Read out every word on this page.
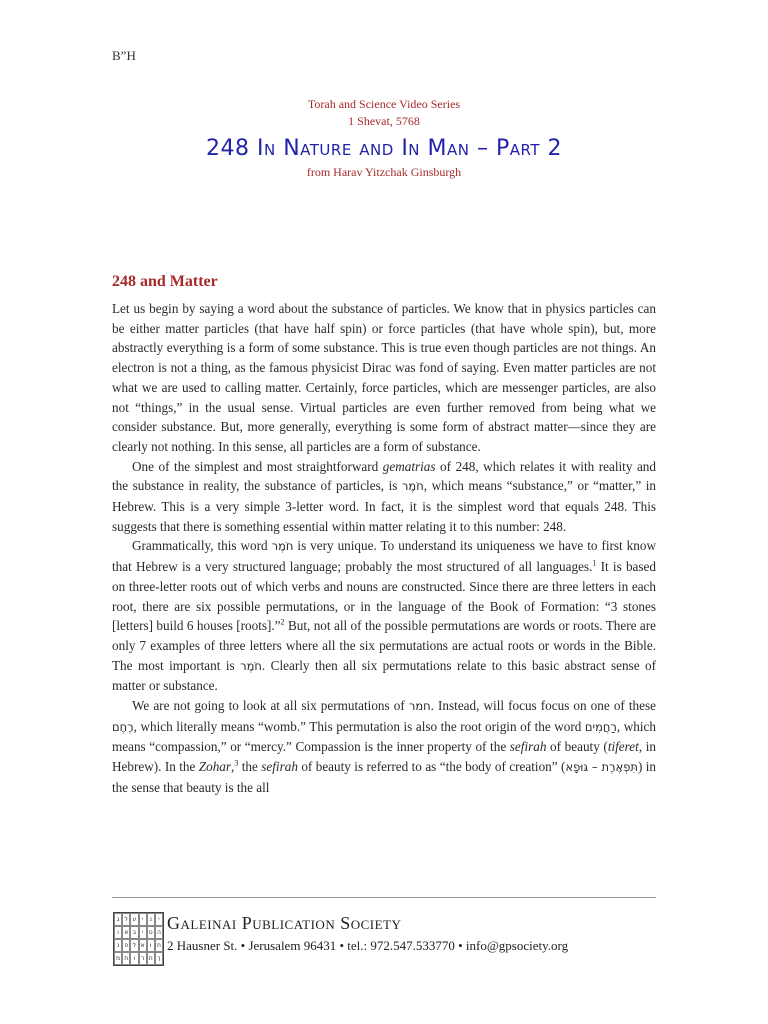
B”H
Torah and Science Video Series
1 Shevat, 5768
248 In Nature and In Man – Part 2
from Harav Yitzchak Ginsburgh
248 and Matter

Let us begin by saying a word about the substance of particles. We know that in physics particles can be either matter particles (that have half spin) or force particles (that have whole spin), but, more abstractly everything is a form of some substance. This is true even though particles are not things. An electron is not a thing, as the famous physicist Dirac was fond of saying. Even matter particles are not what we are used to calling matter. Certainly, force particles, which are messenger particles, are also not “things,” in the usual sense. Virtual particles are even further removed from being what we consider substance. But, more generally, everything is some form of abstract matter—since they are clearly not nothing. In this sense, all particles are a form of substance.

One of the simplest and most straightforward gematrias of 248, which relates it with reality and the substance in reality, the substance of particles, is חֹמֶר, which means “substance,” or “matter,” in Hebrew. This is a very simple 3-letter word. In fact, it is the simplest word that equals 248. This suggests that there is something essential within matter relating it to this number: 248.

Grammatically, this word חֹמֶר is very unique. To understand its uniqueness we have to first know that Hebrew is a very structured language; probably the most structured of all languages.$^1$ It is based on three-letter roots out of which verbs and nouns are constructed. Since there are three letters in each root, there are six possible permutations, or in the language of the Book of Formation: “3 stones [letters] build 6 houses [roots].”$^2$ But, not all of the possible permutations are words or roots. There are only 7 examples of three letters where all the six permutations are actual roots or words in the Bible. The most important is חֹמֶר. Clearly then all six permutations relate to this basic abstract sense of matter or substance.

We are not going to look at all six permutations of חמר. Instead, will focus focus on one of these רֶחֶם, which literally means “womb.” This permutation is also the root origin of the word רַחֲמִים, which means “compassion,” or “mercy.” Compassion is the inner property of the sefirah of beauty (tiferet, in Hebrew). In the Zohar,$^3$ the sefirah of beauty is referred to as “the body of creation” (תִּפְאֶרֶת – גּוּפָא) in the sense that beauty is the all

ג ל ע י	נ	י
ו א ב י ט ה
נ פ ל א ו ת
מ ת ו ר ת ך
Galeinai Publication Society
2 Hausner St. • Jerusalem 96431 • tel.: 972.547.533770 • info@gpsociety.org
